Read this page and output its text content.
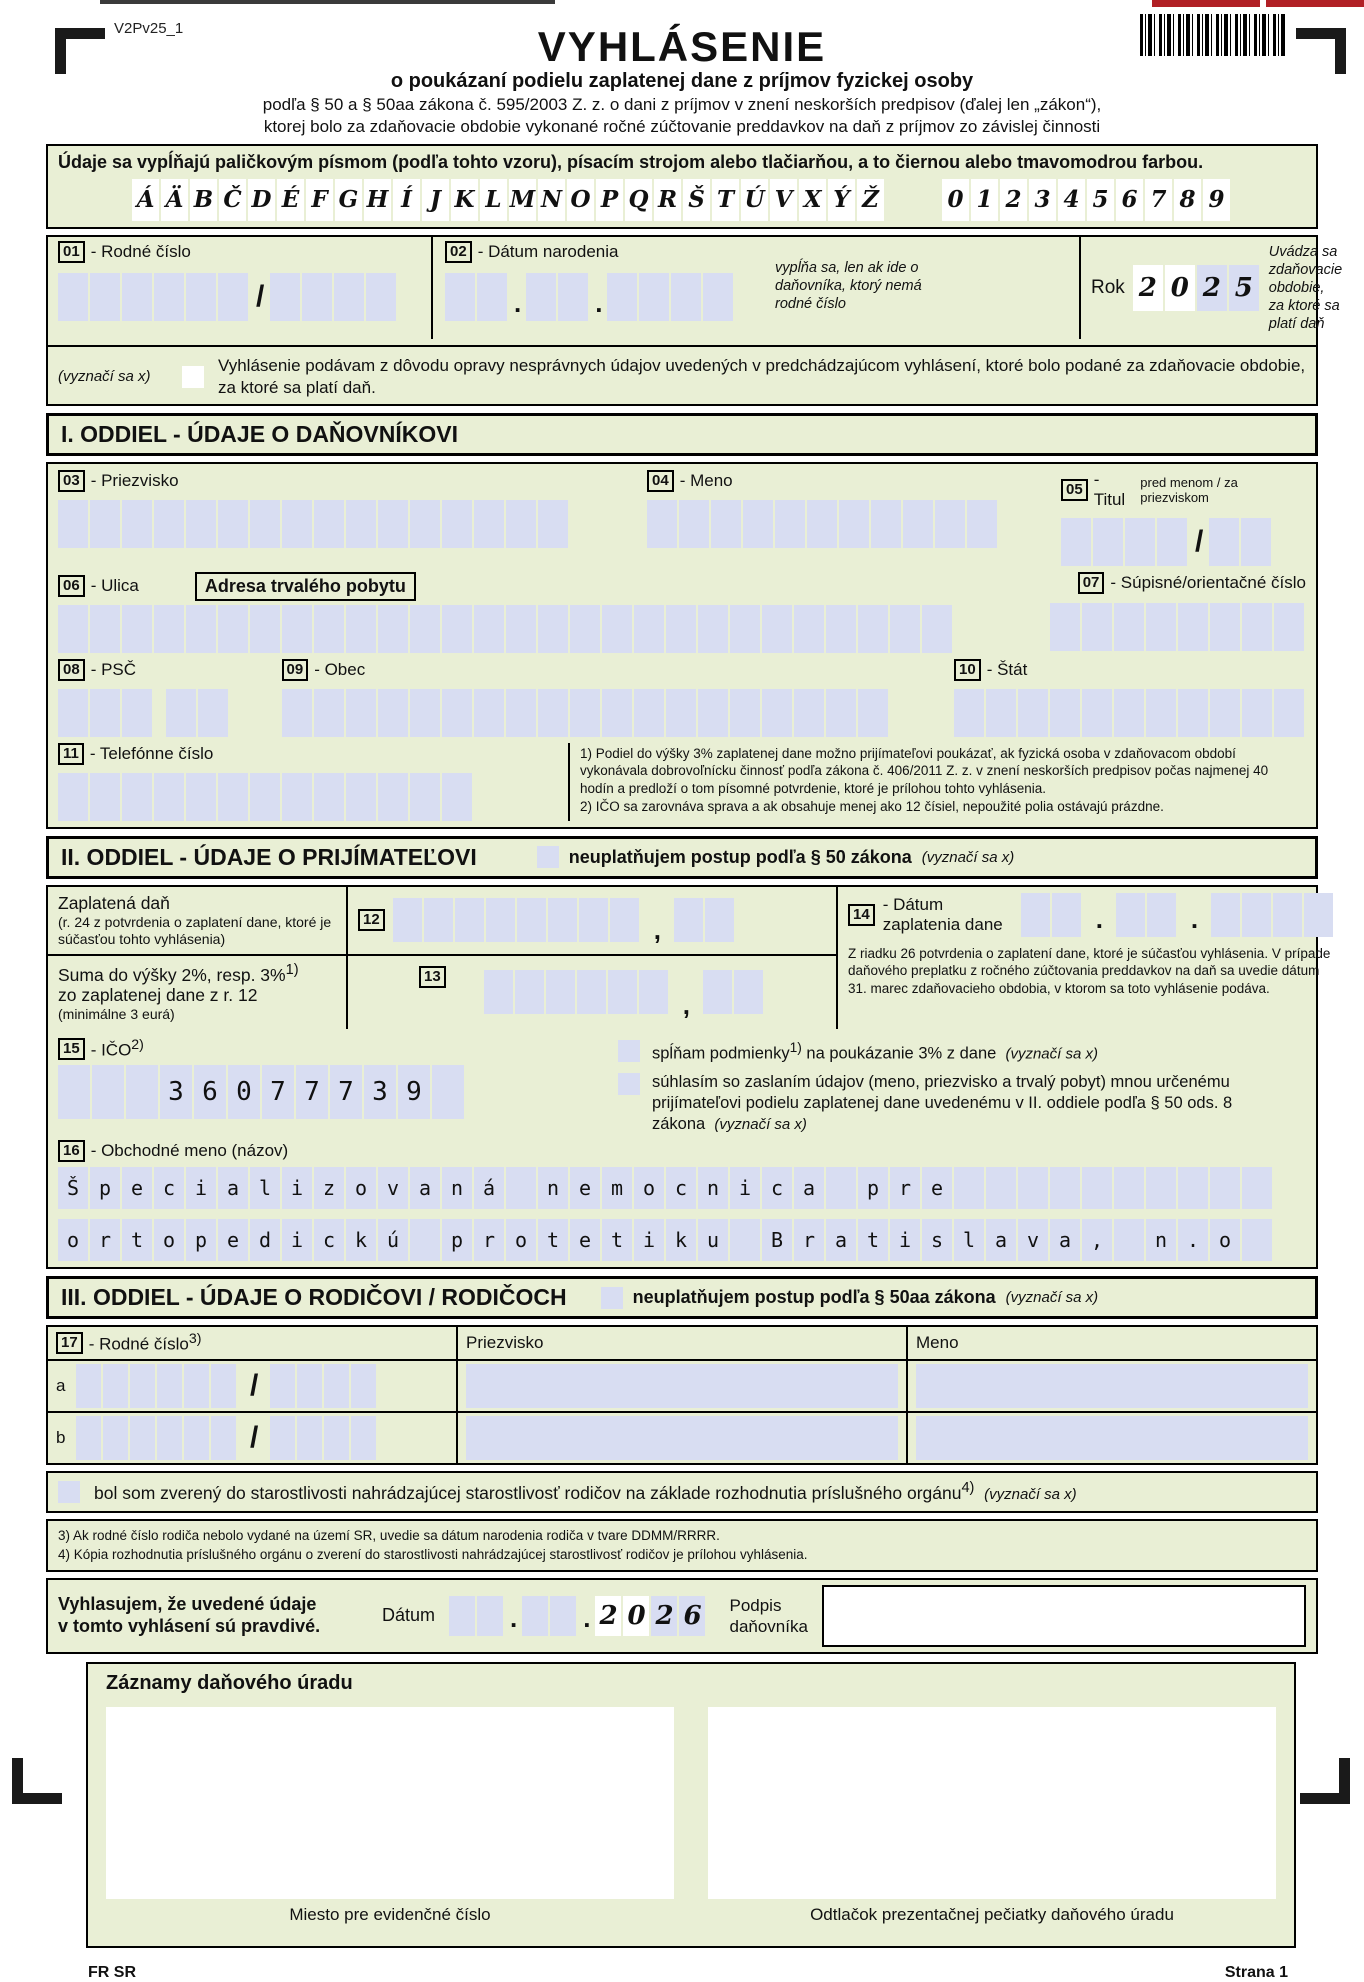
V2Pv25_1	VYHLÁSENIE
o poukázaní podielu zaplatenej dane z príjmov fyzickej osoby
podľa § 50 a § 50aa zákona č. 595/2003 Z. z. o dani z príjmov v znení neskorších predpisov (ďalej len „zákon“),
ktorej bolo za zdaňovacie obdobie vykonané ročné zúčtovanie preddavkov na daň z príjmov zo závislej činnosti
Údaje sa vypĺňajú paličkovým písmom (podľa tohto vzoru), písacím strojom alebo tlačiarňou, a to čiernou alebo tmavomodrou farbou.
Á Ä B Č D É F G H Í J K L M N O P Q R Š T Ú V X Ý Ž	0 1 2 3 4 5 6 7 8 9
01 - Rodné číslo
/
02 - Dátum narodenia
.	.
vypĺňa sa, len ak ide o daňovníka, ktorý nemá rodné číslo
Rok 2 0 2 5
Uvádza sa zdaňovacie obdobie, za ktoré sa platí daň
(vyznačí sa x)
Vyhlásenie podávam z dôvodu opravy nesprávnych údajov uvedených v predchádzajúcom vyhlásení, ktoré bolo podané za zdaňovacie obdobie, za ktoré sa platí daň.
I. ODDIEL - ÚDAJE O DAŇOVNÍKOVI
03 - Priezvisko	04 - Meno	05
- Titul
pred menom / za priezviskom
/
06 - Ulica	Adresa trvalého pobytu	07 - Súpisné/orientačné číslo
08 - PSČ	09 - Obec	10 - Štát
11 - Telefónne číslo	1) Podiel do výšky 3% zaplatenej dane možno prijímateľovi poukázať, ak fyzická osoba v zdaňovacom období vykonávala dobrovoľnícku činnosť podľa zákona č. 406/2011 Z. z. v znení neskorších predpisov počas najmenej 40 hodín a predloží o tom písomné potvrdenie, ktoré je prílohou tohto vyhlásenia.
2) IČO sa zarovnáva sprava a ak obsahuje menej ako 12 čísiel, nepoužité polia ostávajú prázdne.
II. ODDIEL - ÚDAJE O PRIJÍMATEĽOVI	neuplatňujem postup podľa § 50 zákona (vyznačí sa x)
Zaplatená daň
(r. 24 z potvrdenia o zaplatení dane, ktoré je súčasťou tohto vyhlásenia)
12	,
14
- Dátum
zaplatenia dane	.	.
Z riadku 26 potvrdenia o zaplatení dane, ktoré je súčasťou vyhlásenia. V prípade daňového preplatku z ročného zúčtovania preddavkov na daň sa uvedie dátum 31. marec zdaňovacieho obdobia, v ktorom sa toto vyhlásenie podáva.
Suma do výšky 2%, resp. 3%$^{1)}$
zo zaplatenej dane z r. 12
(minimálne 3 eurá)
13
,
15 - IČO$^{2)}$
3 6 0 7 7 7 3 9
spĺňam podmienky$^{1)}$ na poukázanie 3% z dane (vyznačí sa x)
súhlasím so zaslaním údajov (meno, priezvisko a trvalý pobyt) mnou určenému prijímateľovi podielu zaplatenej dane uvedenému v II. oddiele podľa § 50 ods. 8 zákona (vyznačí sa x)
16 - Obchodné meno (názov)
Š p e c i a l i z o v a n á	n e m o c n i c a	p r e
o r t o p e d i c k ú	p r o t e t i k u	B r a t i s l a v a ,	n . o
III. ODDIEL - ÚDAJE O RODIČOVI / RODIČOCH	neuplatňujem postup podľa § 50aa zákona (vyznačí sa x)
17 - Rodné číslo$^{3)}$	Priezvisko	Meno
a	/
b	/
bol som zverený do starostlivosti nahrádzajúcej starostlivosť rodičov na základe rozhodnutia príslušného orgánu$^{4)}$ (vyznačí sa x)
3) Ak rodné číslo rodiča nebolo vydané na území SR, uvedie sa dátum narodenia rodiča v tvare DDMM/RRRR.
4) Kópia rozhodnutia príslušného orgánu o zverení do starostlivosti nahrádzajúcej starostlivosť rodičov je prílohou vyhlásenia.
Vyhlasujem, že uvedené údaje
v tomto vyhlásení sú pravdivé.
Dátum	.	. 2 0 2 6 Podpis
daňovníka
Záznamy daňového úradu
Miesto pre evidenčné číslo	Odtlačok prezentačnej pečiatky daňového úradu
FR SR	Strana 1
